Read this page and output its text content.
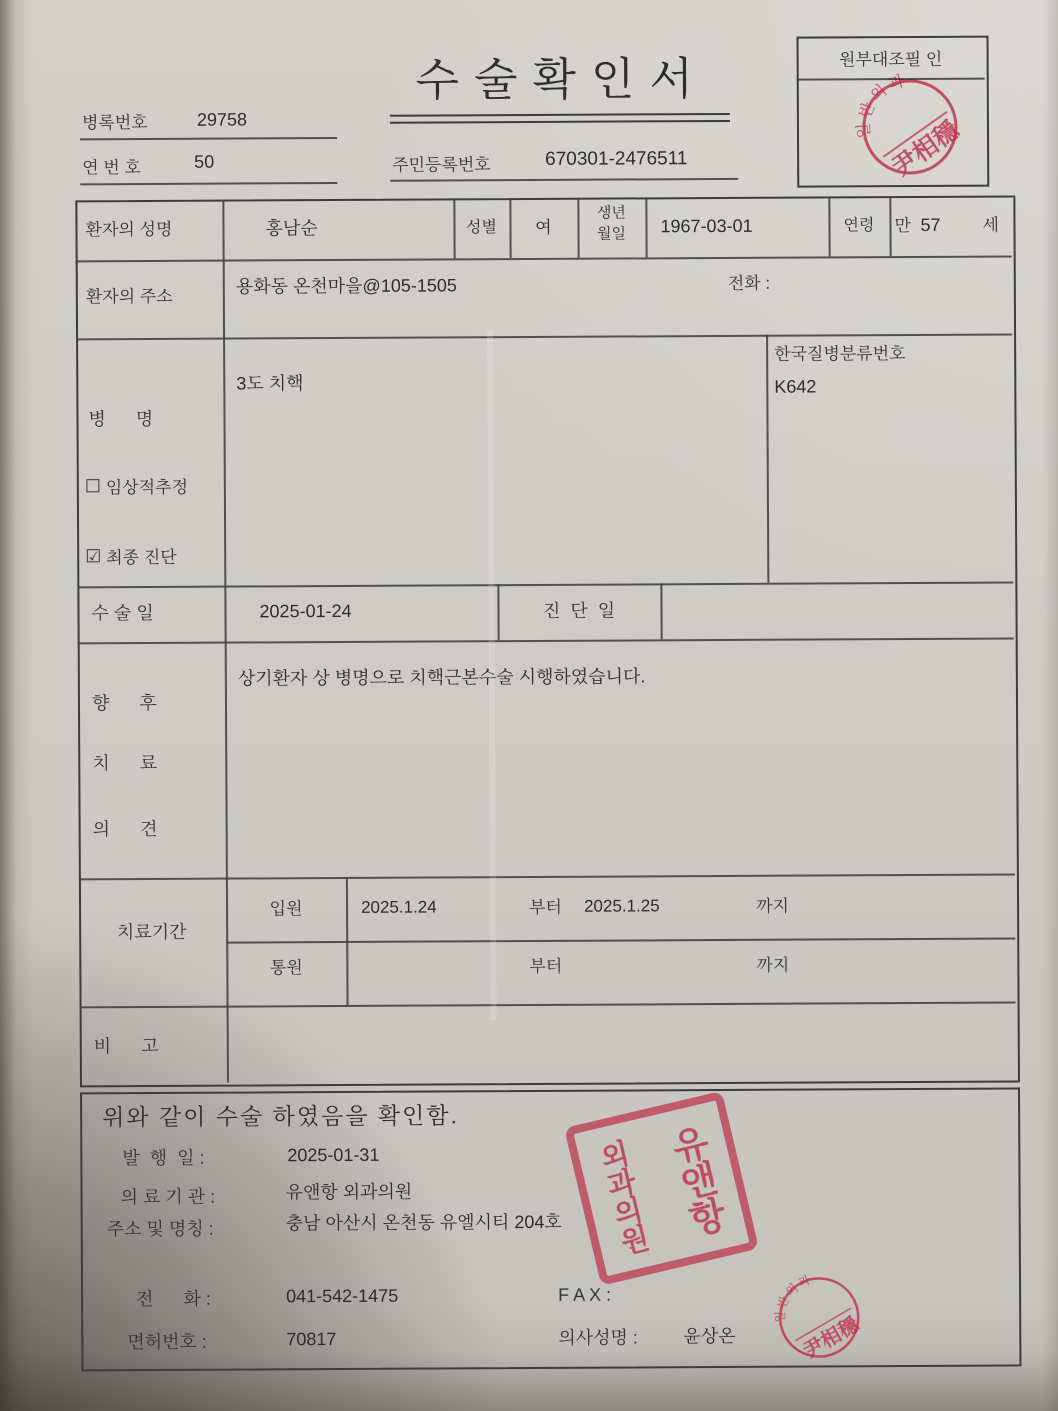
수술확인서
병록번호	29758
연 번 호	50	주민등록번호	670301-2476511
원부대조필 인
일반외과
尹相穩
환자의 성명	홍남순	성별	여
생년
월일	1967-03-01	연령	만 57 세
환자의 주소
용화동 온천마을@105-1505	전화 :
3도 치핵
병      명
☐ 임상적추정
☑ 최종 진단
한국질병분류번호
K642
수 술 일	2025-01-24	진  단  일
상기환자 상 병명으로 치핵근본수술 시행하였습니다.
향      후
치      료
의      견
치료기간
입원	2025.1.24	부터 2025.1.25	까지
통원	부터	까지
비      고
위와 같이 수술 하였음을 확인함.
발  행  일 :	2025-01-31
의 료 기 관 :	유앤항 외과의원
주소 및 명칭 :	충남 아산시 온천동 유엘시티 204호
전      화 :	041-542-1475	F A X :
면허번호 :	70817	의사성명 :	윤상온
유앤항
외과의원
일반외과
尹相穩
